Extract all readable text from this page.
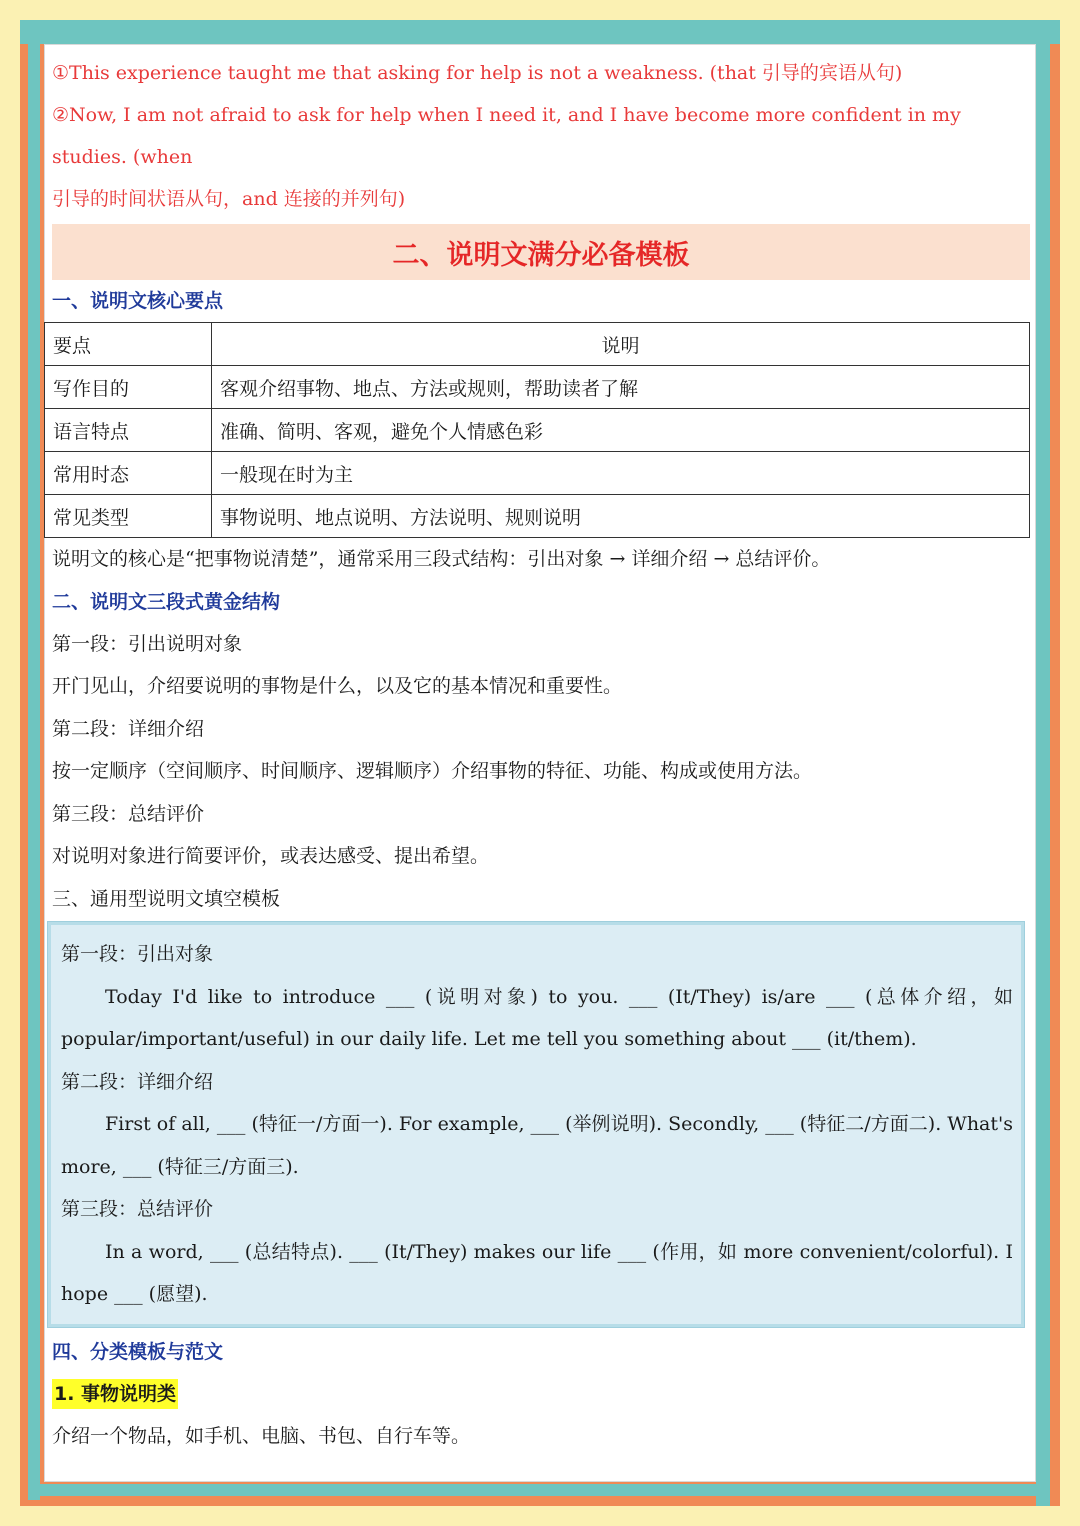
①This experience taught me that asking for help is not a weakness. (that 引导的宾语从句)

②Now, I am not afraid to ask for help when I need it, and I have become more confident in my studies. (when

引导的时间状语从句，and 连接的并列句)

二、说明文满分必备模板

一、说明文核心要点

要点	说明
写作目的	客观介绍事物、地点、方法或规则，帮助读者了解
语言特点	准确、简明、客观，避免个人情感色彩
常用时态	一般现在时为主
常见类型	事物说明、地点说明、方法说明、规则说明

说明文的核心是“把事物说清楚”，通常采用三段式结构：引出对象 → 详细介绍 → 总结评价。

二、说明文三段式黄金结构

第一段：引出说明对象

开门见山，介绍要说明的事物是什么，以及它的基本情况和重要性。

第二段：详细介绍

按一定顺序（空间顺序、时间顺序、逻辑顺序）介绍事物的特征、功能、构成或使用方法。

第三段：总结评价

对说明对象进行简要评价，或表达感受、提出希望。

三、通用型说明文填空模板

第一段：引出对象

Today I'd like to introduce ___ (说明对象) to you. ___ (It/They) is/are ___ (总体介绍，如 popular/important/useful) in our daily life. Let me tell you something about ___ (it/them).

第二段：详细介绍

First of all, ___ (特征一/方面一). For example, ___ (举例说明). Secondly, ___ (特征二/方面二). What's more, ___ (特征三/方面三).

第三段：总结评价

In a word, ___ (总结特点). ___ (It/They) makes our life ___ (作用，如 more convenient/colorful). I hope ___ (愿望).

四、分类模板与范文

1. 事物说明类

介绍一个物品，如手机、电脑、书包、自行车等。
